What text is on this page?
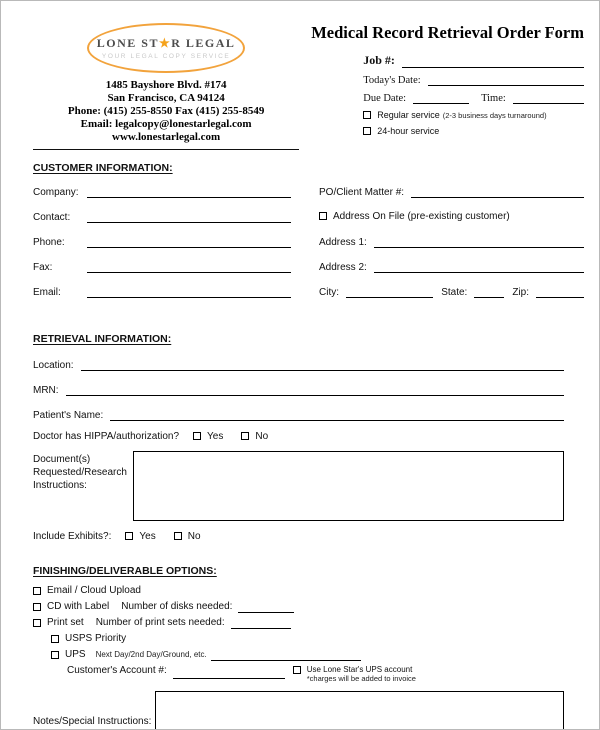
LONE ST★R LEGAL
YOUR LEGAL COPY SERVICE
1485 Bayshore Blvd. #174
San Francisco, CA 94124
Phone: (415) 255-8550 Fax (415) 255-8549
Email: legalcopy@lonestarlegal.com
www.lonestarlegal.com
Medical Record Retrieval Order Form
Job #:
Today's Date:
Due Date:	Time:
Regular service (2-3 business days turnaround)
24-hour service
CUSTOMER INFORMATION:
Company:
Contact:
Phone:
Fax:
Email:
PO/Client Matter #:
Address On File (pre-existing customer)
Address 1:
Address 2:
City:	State:	Zip:
RETRIEVAL INFORMATION:
Location:
MRN:
Patient's Name:
Doctor has HIPPA/authorization?	Yes	No
Document(s)
Requested/Research
Instructions:
Include Exhibits?:	Yes	No
FINISHING/DELIVERABLE OPTIONS:
Email / Cloud Upload
CD with Label Number of disks needed:
Print set Number of print sets needed:
USPS Priority
UPS Next Day/2nd Day/Ground, etc.
Customer's Account #:	Use Lone Star's UPS account
*charges will be added to invoice
Notes/Special Instructions:
